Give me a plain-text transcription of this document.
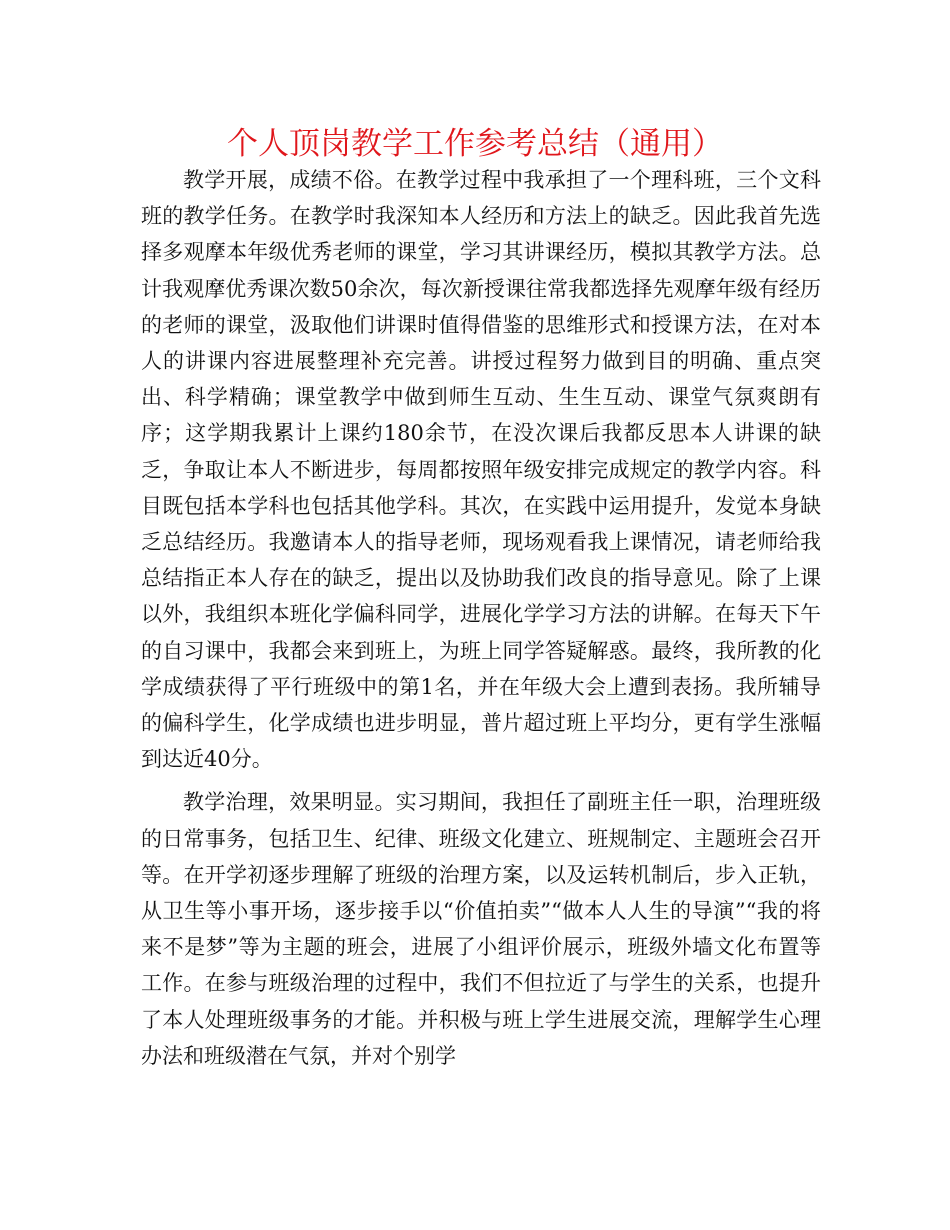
个人顶岗教学工作参考总结（通用）

教学开展，成绩不俗。在教学过程中我承担了一个理科班，三个文科班的教学任务。在教学时我深知本人经历和方法上的缺乏。因此我首先选择多观摩本年级优秀老师的课堂，学习其讲课经历，模拟其教学方法。总计我观摩优秀课次数50余次，每次新授课往常我都选择先观摩年级有经历的老师的课堂，汲取他们讲课时值得借鉴的思维形式和授课方法，在对本人的讲课内容进展整理补充完善。讲授过程努力做到目的明确、重点突出、科学精确；课堂教学中做到师生互动、生生互动、课堂气氛爽朗有序；这学期我累计上课约180余节，在没次课后我都反思本人讲课的缺乏，争取让本人不断进步，每周都按照年级安排完成规定的教学内容。科目既包括本学科也包括其他学科。其次，在实践中运用提升，发觉本身缺乏总结经历。我邀请本人的指导老师，现场观看我上课情况，请老师给我总结指正本人存在的缺乏，提出以及协助我们改良的指导意见。除了上课以外，我组织本班化学偏科同学，进展化学学习方法的讲解。在每天下午的自习课中，我都会来到班上，为班上同学答疑解惑。最终，我所教的化学成绩获得了平行班级中的第1名，并在年级大会上遭到表扬。我所辅导的偏科学生，化学成绩也进步明显，普片超过班上平均分，更有学生涨幅到达近40分。

教学治理，效果明显。实习期间，我担任了副班主任一职，治理班级的日常事务，包括卫生、纪律、班级文化建立、班规制定、主题班会召开等。在开学初逐步理解了班级的治理方案，以及运转机制后，步入正轨，从卫生等小事开场，逐步接手以“价值拍卖”“做本人人生的导演”“我的将来不是梦”等为主题的班会，进展了小组评价展示，班级外墙文化布置等工作。在参与班级治理的过程中，我们不但拉近了与学生的关系，也提升了本人处理班级事务的才能。并积极与班上学生进展交流，理解学生心理办法和班级潜在气氛，并对个别学
